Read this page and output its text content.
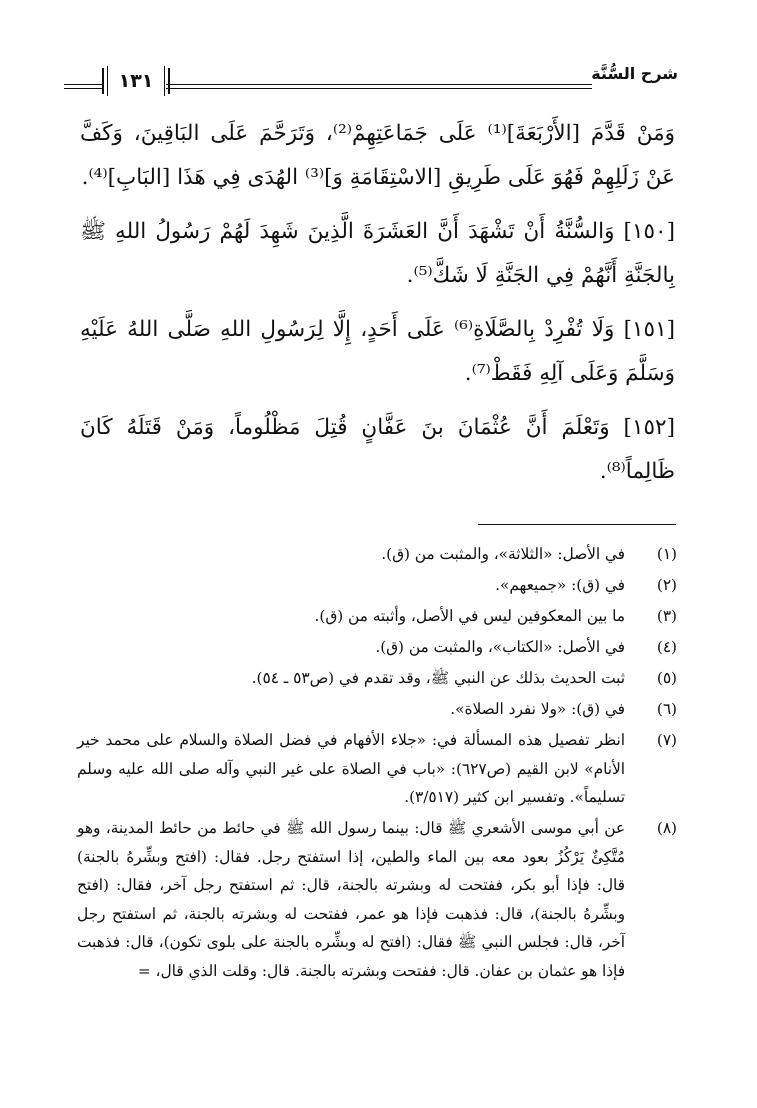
١٣١	شرح السُّنَّة

وَمَنْ قَدَّمَ [الأَرْبَعَةَ]⁽¹⁾ عَلَى جَمَاعَتِهِمْ⁽²⁾، وَتَرَحَّمَ عَلَى البَاقِينَ، وَكَفَّ عَنْ زَلَلِهِمْ فَهُوَ عَلَى طَرِيقِ [الاسْتِقَامَةِ وَ]⁽³⁾ الهُدَى فِي هَذَا [البَابِ]⁽⁴⁾.

[١٥٠] وَالسُّنَّةُ أَنْ تَشْهَدَ أَنَّ العَشَرَةَ الَّذِينَ شَهِدَ لَهُمْ رَسُولُ اللهِ ﷺ بِالجَنَّةِ أَنَّهُمْ فِي الجَنَّةِ لَا شَكَّ⁽⁵⁾.

[١٥١] وَلَا تُفْرِدْ بِالصَّلَاةِ⁽⁶⁾ عَلَى أَحَدٍ، إِلَّا لِرَسُولِ اللهِ صَلَّى اللهُ عَلَيْهِ وَسَلَّمَ وَعَلَى آلِهِ فَقَطْ⁽⁷⁾.

[١٥٢] وَتَعْلَمَ أَنَّ عُثْمَانَ بنَ عَفَّانٍ قُتِلَ مَظْلُوماً، وَمَنْ قَتَلَهُ كَانَ ظَالِماً⁽⁸⁾.

(١)
في الأصل: «الثلاثة»، والمثبت من (ق).
(٢)
في (ق): «جميعهم».
(٣)
ما بين المعكوفين ليس في الأصل، وأثبته من (ق).
(٤)
في الأصل: «الكتاب»، والمثبت من (ق).
(٥)
ثبت الحديث بذلك عن النبي ﷺ، وقد تقدم في (ص٥٣ ـ ٥٤).
(٦)
في (ق): «ولا نفرد الصلاة».
(٧)
انظر تفصيل هذه المسألة في: «جلاء الأفهام في فضل الصلاة والسلام على محمد خير الأنام» لابن القيم (ص٦٢٧): «باب في الصلاة على غير النبي وآله صلى الله عليه وسلم تسليماً». وتفسير ابن كثير (٣/٥١٧).
(٨)
عن أبي موسى الأشعري ﷺ قال: بينما رسول الله ﷺ في حائط من حائط المدينة، وهو مُتَّكِئٌ يَرْكُزُ بعود معه بين الماء والطين، إذا استفتح رجل. فقال: (افتح وبشِّرهُ بالجنة) قال: فإذا أبو بكر، ففتحت له وبشرته بالجنة، قال: ثم استفتح رجل آخر، فقال: (افتح وبشِّرهُ بالجنة)، قال: فذهبت فإذا هو عمر، ففتحت له وبشرته بالجنة، ثم استفتح رجل آخر، قال: فجلس النبي ﷺ فقال: (افتح له وبشِّره بالجنة على بلوى تكون)، قال: فذهبت فإذا هو عثمان بن عفان. قال: ففتحت وبشرته بالجنة. قال: وقلت الذي قال، =
